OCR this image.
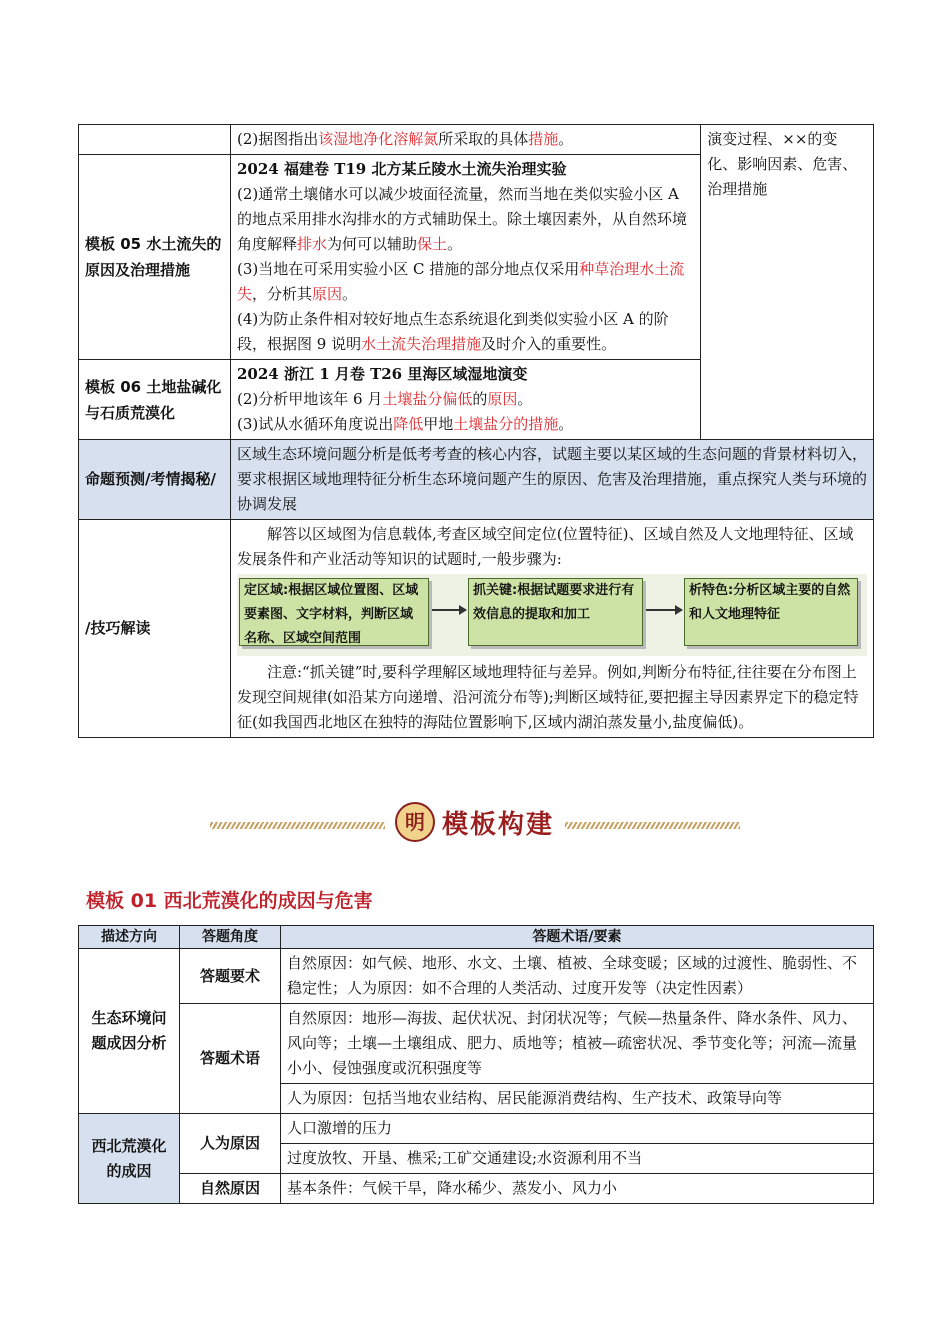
	(2)据图指出该湿地净化溶解氮所采取的具体措施。	演变过程、××的变化、影响因素、危害、治理措施
模板 05 水土流失的原因及治理措施	2024 福建卷 T19 北方某丘陵水土流失治理实验
(2)通常土壤储水可以减少坡面径流量，然而当地在类似实验小区 A 的地点采用排水沟排水的方式辅助保土。除土壤因素外，从自然环境角度解释排水为何可以辅助保土。
(3)当地在可采用实验小区 C 措施的部分地点仅采用种草治理水土流失，分析其原因。
(4)为防止条件相对较好地点生态系统退化到类似实验小区 A 的阶段，根据图 9 说明水土流失治理措施及时介入的重要性。	

模板 06 土地盐碱化与石质荒漠化	2024 浙江 1 月卷 T26 里海区域湿地演变
(2)分析甲地该年 6 月土壤盐分偏低的原因。
(3)试从水循环角度说出降低甲地土壤盐分的措施。	

命题预测/考情揭秘/	区域生态环境问题分析是低考考查的核心内容，试题主要以某区域的生态问题的背景材料切入，要求根据区域地理特征分析生态环境问题产生的原因、危害及治理措施，重点探究人类与环境的协调发展	
/技巧解读	解答以区域图为信息载体,考查区域空间定位(位置特征)、区域自然及人文地理特征、区域发展条件和产业活动等知识的试题时,一般步骤为:
定区域:根据区域位置图、区域要素图、文字材料，判断区域名称、区域空间范围
抓关键:根据试题要求进行有效信息的提取和加工
析特色:分析区域主要的自然和人文地理特征
注意:“抓关键”时,要科学理解区域地理特征与差异。例如,判断分布特征,往往要在分布图上发现空间规律(如沿某方向递增、沿河流分布等);判断区域特征,要把握主导因素界定下的稳定特征(如我国西北地区在独特的海陆位置影响下,区域内湖泊蒸发量小,盐度偏低)。	
明 模板构建
模板 01 西北荒漠化的成因与危害
描述方向	答题角度	答题术语/要素
生态环境问题成因分析	答题要术	自然原因：如气候、地形、水文、土壤、植被、全球变暖；区域的过渡性、脆弱性、不稳定性；人为原因：如不合理的人类活动、过度开发等（决定性因素）
	答题术语	自然原因：地形—海拔、起伏状况、封闭状况等；气候—热量条件、降水条件、风力、风向等；土壤—土壤组成、肥力、质地等；植被—疏密状况、季节变化等；河流—流量小小、侵蚀强度或沉积强度等
		人为原因：包括当地农业结构、居民能源消费结构、生产技术、政策导向等
西北荒漠化的成因	人为原因	人口激增的压力
		过度放牧、开垦、樵采;工矿交通建设;水资源利用不当
	自然原因	基本条件：气候干旱，降水稀少、蒸发小、风力小
